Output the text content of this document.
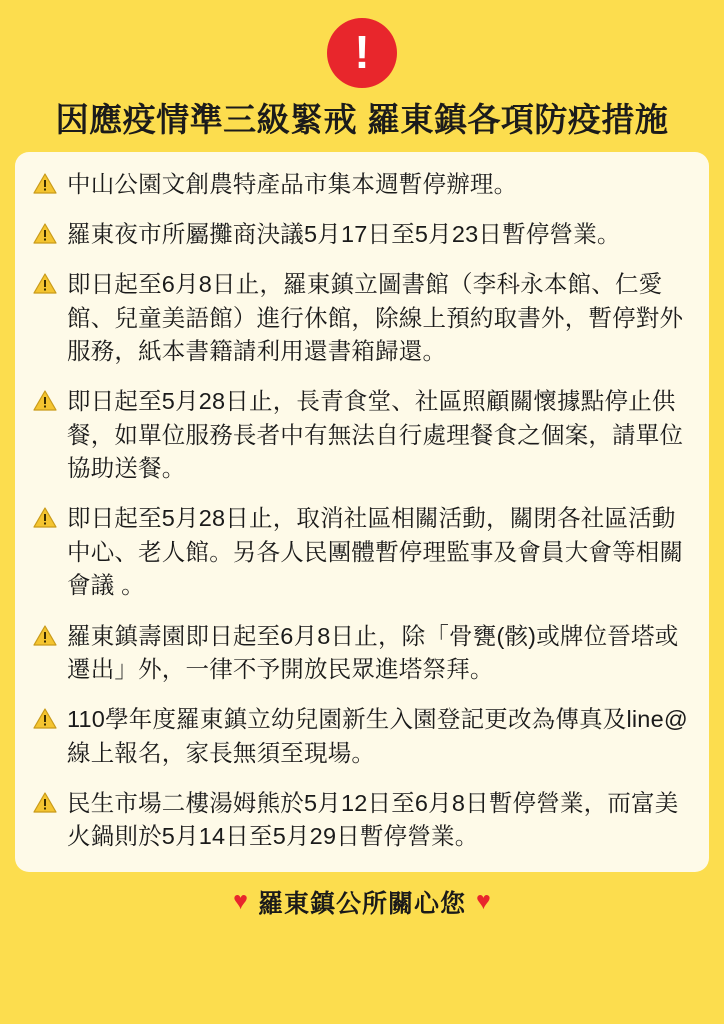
!
因應疫情準三級緊戒 羅東鎮各項防疫措施
中山公園文創農特產品市集本週暫停辦理。
羅東夜市所屬攤商決議5月17日至5月23日暫停營業。
即日起至6月8日止，羅東鎮立圖書館（李科永本館、仁愛館、兒童美語館）進行休館，除線上預約取書外，暫停對外服務，紙本書籍請利用還書箱歸還。
即日起至5月28日止，長青食堂、社區照顧關懷據點停止供餐，如單位服務長者中有無法自行處理餐食之個案，請單位協助送餐。
即日起至5月28日止，取消社區相關活動，關閉各社區活動中心、老人館。另各人民團體暫停理監事及會員大會等相關會議 。
羅東鎮壽園即日起至6月8日止，除「骨甕(骸)或牌位晉塔或遷出」外，一律不予開放民眾進塔祭拜。
110學年度羅東鎮立幼兒園新生入園登記更改為傳真及line@線上報名，家長無須至現場。
民生市場二樓湯姆熊於5月12日至6月8日暫停營業，而富美火鍋則於5月14日至5月29日暫停營業。
♥ 羅東鎮公所關心您 ♥
